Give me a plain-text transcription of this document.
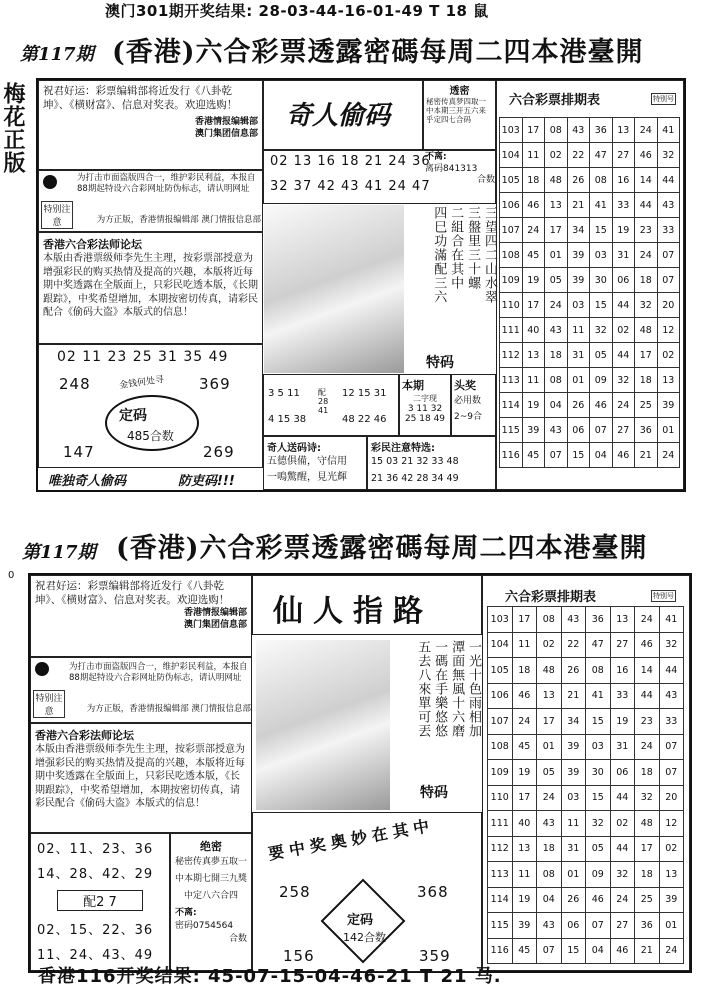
澳门301期开奖结果: 28-03-44-16-01-49 T 18 鼠
梅花正版
第117期 (香港)六合彩票透露密碼每周二四本港臺開
祝君好运：彩票编辑部将近发行《八卦乾坤》、《横财富》、信息对奖表。欢迎选购！
香港情报编辑部
澳门集团信息部
特别注意
为打击市面盗版四合一，维护彩民利益，本报自88期起特设六合彩网址防伪标志，请认明网址
为方正版，香港情报编辑部 澳门情报信息部
香港六合彩法师论坛
本版由香港票级师李先生主理，按彩票部授意为增强彩民的购买热情及提高的兴趣，本版将近每期中奖透露在全版面上，只彩民吃透本版，《长期跟踪》，中奖希望增加，本期按密切传真，请彩民配合《偷码大盗》本版式的信息！
02 11 23 25 31 35 49
248	369
金钱何处寻
定码
485合数
147	269
唯独奇人偷码	防吏码!!!
奇人偷码
02 13 16 18 21 24 36
32 37 42 43 41 24 47
三望四二山水翠
三盤里三十螺
二組合在其中
四巳功滿配三六
特码
3 5 11
4 15 38
配28 41
12 15 31
48 22 46
本期
二字现
3 11 32
25 18 49
头奖
必用数
2~9合
奇人送码诗:
五德俱備，守信用
一鳴驚醒，見光輝
彩民注意特选:
15 03 21 32 33 48
21 36 42 28 34 49
透密
秘密传真梦四取一中本期三开五六来乎定四七合码
不离:
离码841313
合数
六合彩票排期表	特别号
103	17	08	43	36	13	24	41
104	11	02	22	47	27	46	32
105	18	48	26	08	16	14	44
106	46	13	21	41	33	44	43
107	24	17	34	15	19	23	33
108	45	01	39	03	31	24	07
109	19	05	39	30	06	18	07
110	17	24	03	15	44	32	20
111	40	43	11	32	02	48	12
112	13	18	31	05	44	17	02
113	11	08	01	09	32	18	13
114	19	04	26	46	24	25	39
115	39	43	06	07	27	36	01
116	45	07	15	04	46	21	24
0
第117期 (香港)六合彩票透露密碼每周二四本港臺開
祝君好运：彩票编辑部将近发行《八卦乾坤》、《横财富》、信息对奖表。欢迎选购！
香港情报编辑部
澳门集团信息部
特别注意
为打击市面盗版四合一，维护彩民利益，本报自88期起特设六合彩网址防伪标志，请认明网址
为方正版，香港情报编辑部 澳门情报信息部
香港六合彩法师论坛
本版由香港票级师李先生主理，按彩票部授意为增强彩民的购买热情及提高的兴趣，本版将近每期中奖透露在全版面上，只彩民吃透本版，《长期跟踪》，中奖希望增加，本期按密切传真，请彩民配合《偷码大盗》本版式的信息！
02、11、23、36
14、28、42、29
配2 7
02、15、22、36
11、24、43、49
绝密
秘密传真夢五取一中本期七開三九獎中定八六合四
不离:
密码0754564
合数
仙人指路
一光十色雨相加
潭面無風十六磨
一碼在手樂悠悠
五去八來單可丟
特码
要中奖奥妙在其中
258	368
定码
142合数
156	359
六合彩票排期表	特别号
103	17	08	43	36	13	24	41
104	11	02	22	47	27	46	32
105	18	48	26	08	16	14	44
106	46	13	21	41	33	44	43
107	24	17	34	15	19	23	33
108	45	01	39	03	31	24	07
109	19	05	39	30	06	18	07
110	17	24	03	15	44	32	20
111	40	43	11	32	02	48	12
112	13	18	31	05	44	17	02
113	11	08	01	09	32	18	13
114	19	04	26	46	24	25	39
115	39	43	06	07	27	36	01
116	45	07	15	04	46	21	24
香港116开奖结果: 45-07-15-04-46-21 T 21 马.
